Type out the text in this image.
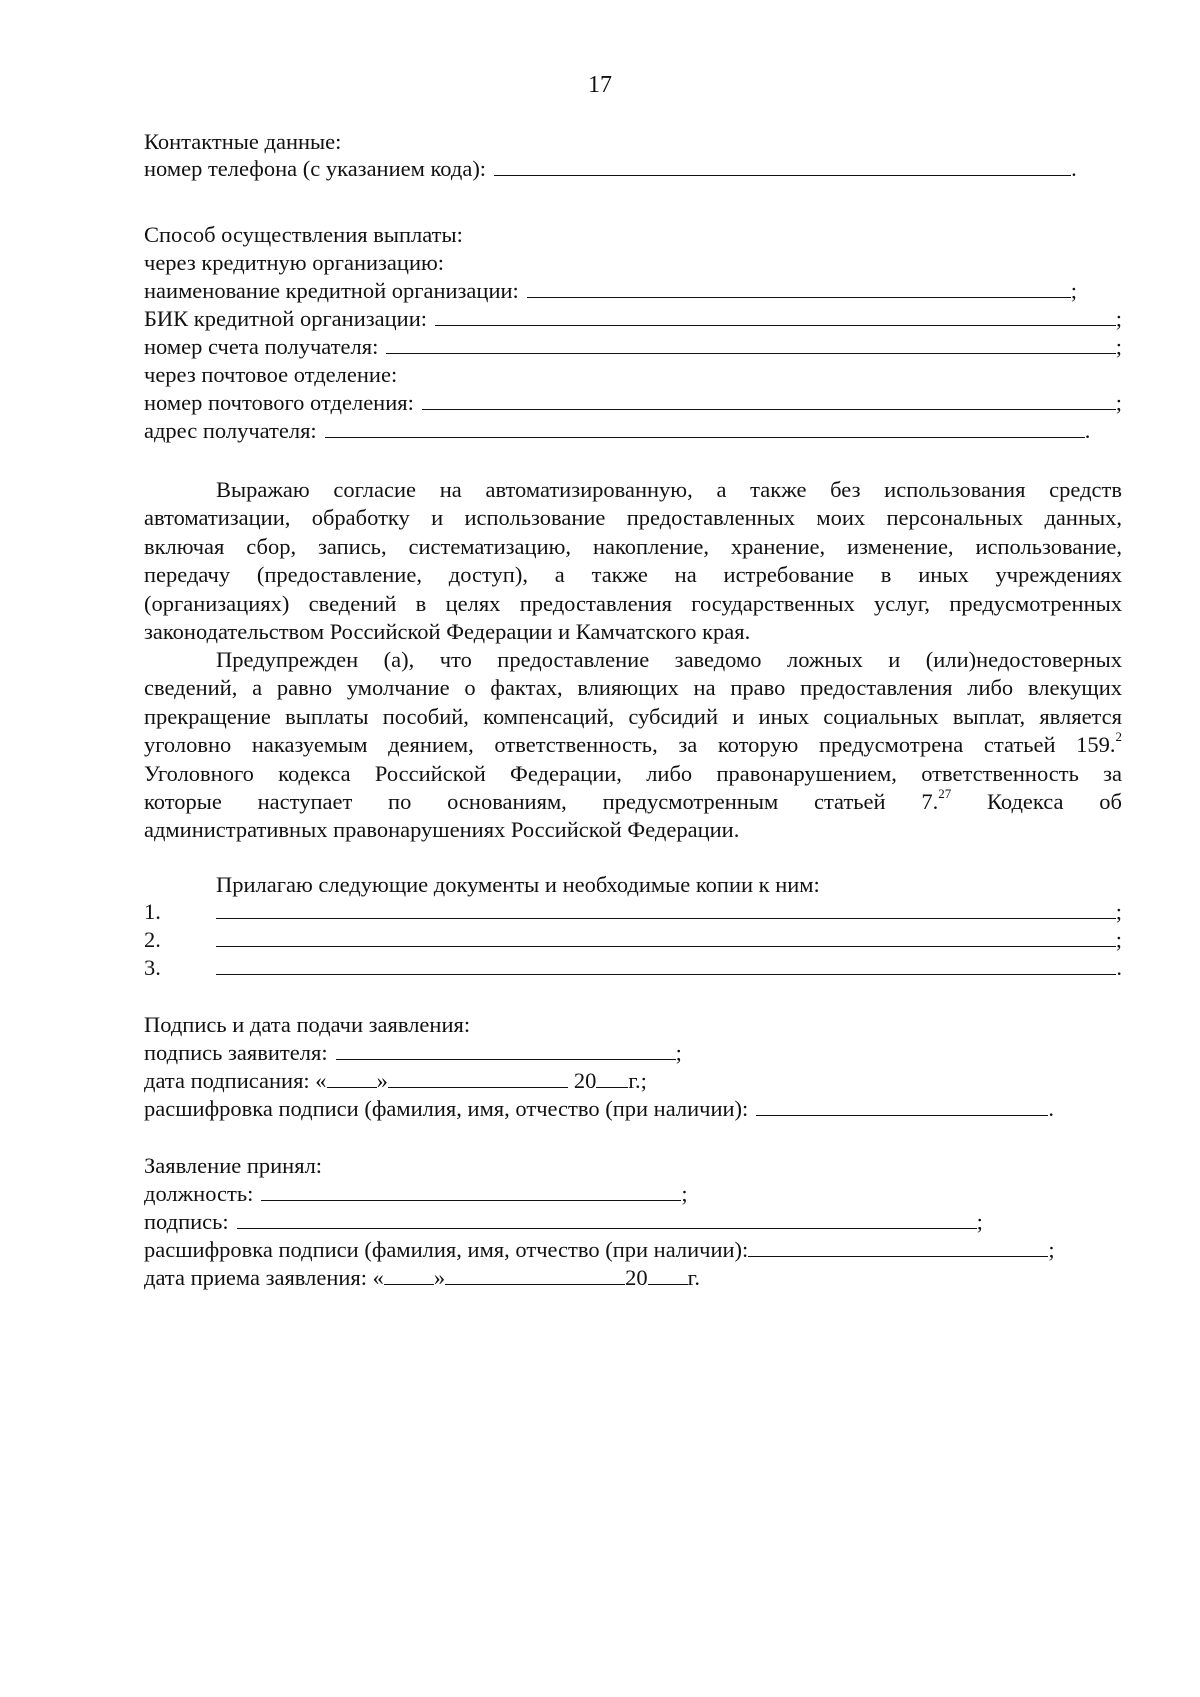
17
Контактные данные:
номер телефона (с указанием кода):	.
Способ осуществления выплаты:
через кредитную организацию:
наименование кредитной организации:	;
БИК кредитной организации:	;
номер счета получателя:	;
через почтовое отделение:
номер почтового отделения:	;
адрес получателя:	.
Выражаю согласие на автоматизированную, а также без использования средств
автоматизации, обработку и использование предоставленных моих персональных данных,
включая сбор, запись, систематизацию, накопление, хранение, изменение, использование,
передачу (предоставление, доступ), а также на истребование в иных учреждениях
(организациях) сведений в целях предоставления государственных услуг, предусмотренных
законодательством Российской Федерации и Камчатского края.
Предупрежден (а), что предоставление заведомо ложных и (или)недостоверных
сведений, а равно умолчание о фактах, влияющих на право предоставления либо влекущих
прекращение выплаты пособий, компенсаций, субсидий и иных социальных выплат, является
уголовно наказуемым деянием, ответственность, за которую предусмотрена статьей 159.$^2$
Уголовного кодекса Российской Федерации, либо правонарушением, ответственность за
которые наступает по основаниям, предусмотренным статьей 7.27 Кодекса об
административных правонарушениях Российской Федерации.
Прилагаю следующие документы и необходимые копии к ним:
1.	;
2.	;
3.	.
Подпись и дата подачи заявления:
подпись заявителя:	;
дата подписания: « »	20 г.;
расшифровка подписи (фамилия, имя, отчество (при наличии):	.
Заявление принял:
должность:	;
подпись:	;
расшифровка подписи (фамилия, имя, отчество (при наличии):	;
дата приема заявления: « »	20 г.
